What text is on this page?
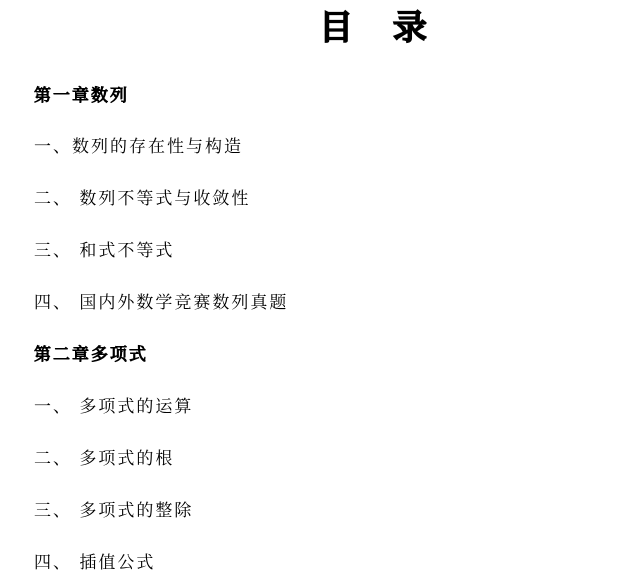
目 录
第一章数列
一、数列的存在性与构造
二、 数列不等式与收敛性
三、 和式不等式
四、 国内外数学竞赛数列真题
第二章多项式
一、 多项式的运算
二、 多项式的根
三、 多项式的整除
四、 插值公式
